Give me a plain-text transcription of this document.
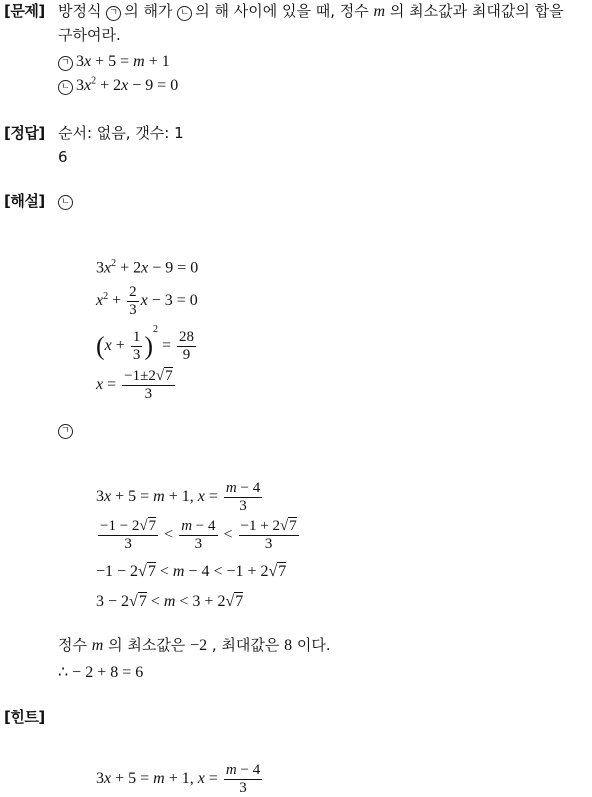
[문제] 방정식 ㄱ 의 해가 ㄴ 의 해 사이에 있을 때, 정수 m 의 최소값과 최대값의 합을
구하여라.
ㄱ 3x + 5 = m + 1
ㄴ $3x^2 + 2x - 9 = 0$
[정답] 순서: 없음, 갯수: 1
6
[해설]	ㄴ
$3x^2 + 2x - 9 = 0$
$x^2 + \frac{2}{3}$ x − 3 = 0
$(x + \frac{1}{3} )^2 = \frac{28}{9}$
$x = \frac{-1\pm 2√7}{3}$
ㄱ
3x + 5 = m + 1, $x = \frac{m - 4}{3}$
$\frac{-1 - 2√7}{3} < \frac{m - 4}{3} < \frac{-1 + 2√7}{3}$
−1 − 2√7 < m − 4 < −1 + 2√7
3 − 2√7 < m < 3 + 2√7
정수 m 의 최소값은 −2 , 최대값은 8 이다.
∴ − 2 + 8 = 6
[힌트]
3x + 5 = m + 1, $x = \frac{m - 4}{3}$
